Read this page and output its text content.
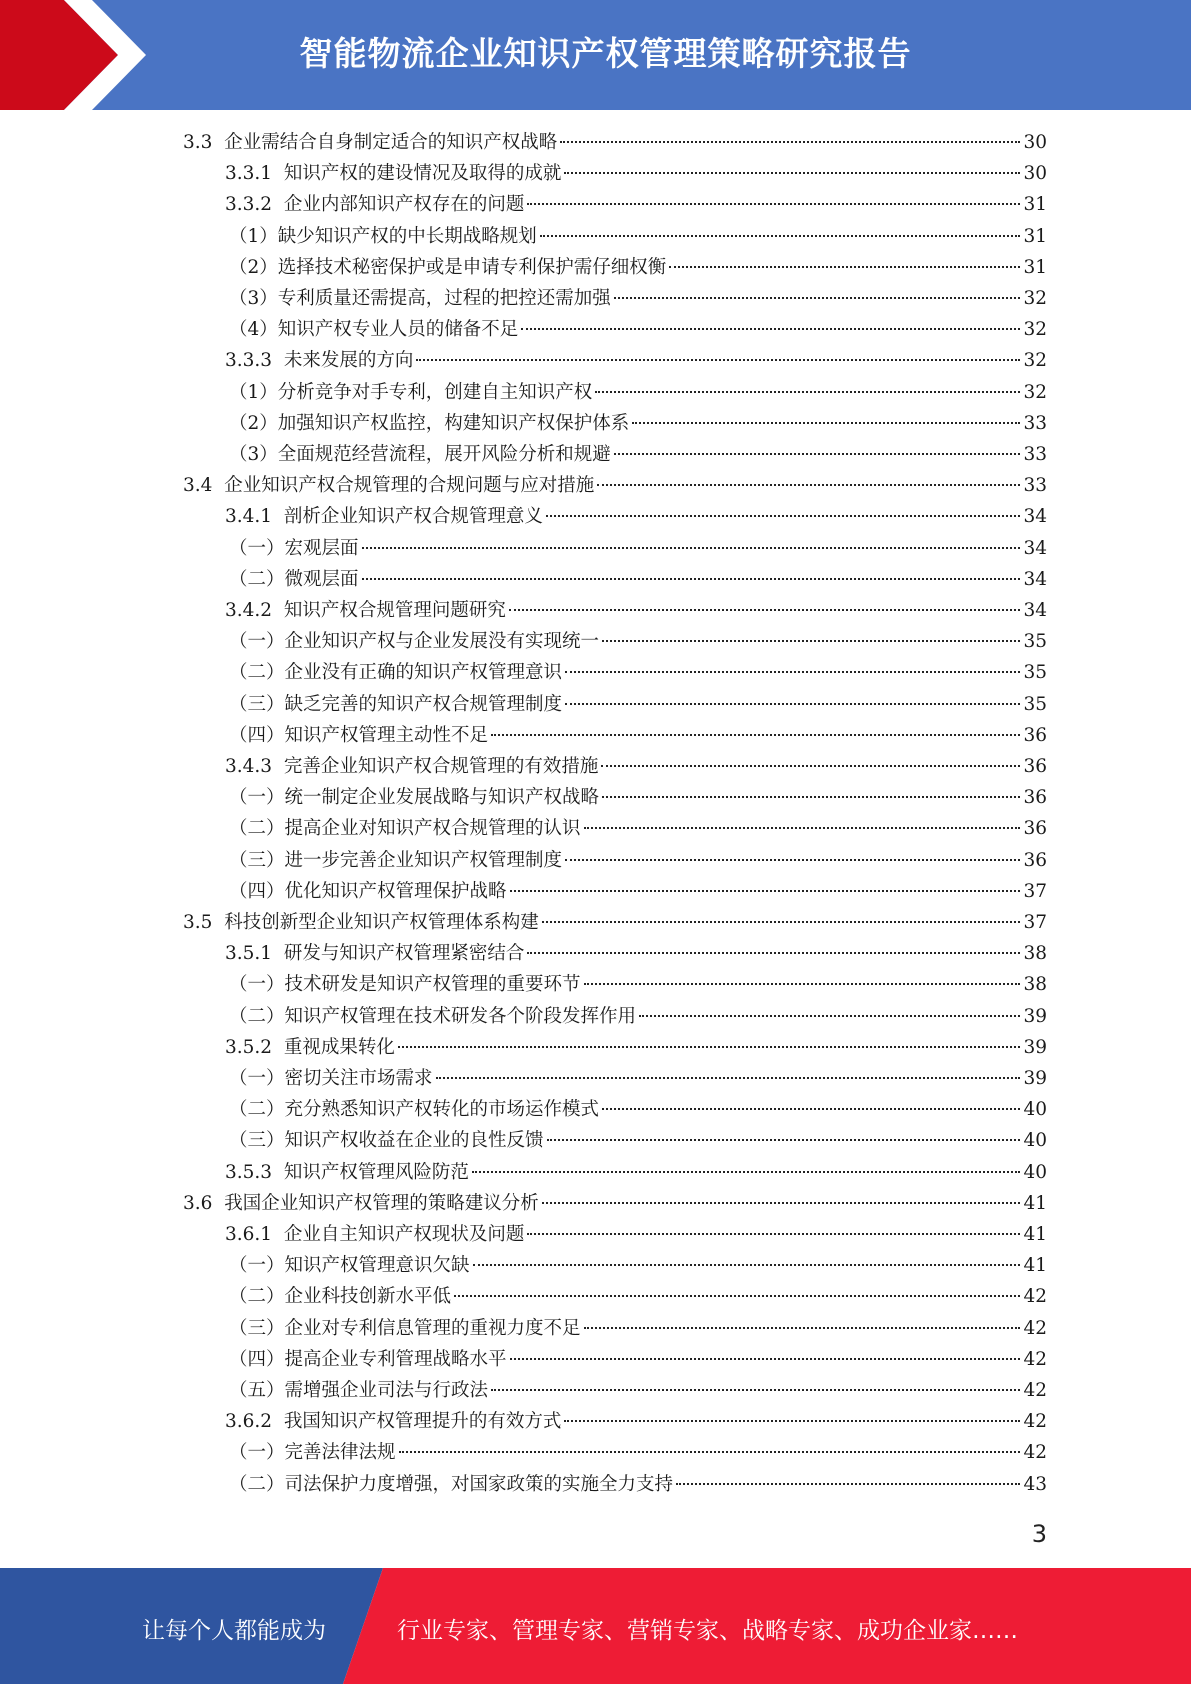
智能物流企业知识产权管理策略研究报告
3.3 企业需结合自身制定适合的知识产权战略	30
3.3.1 知识产权的建设情况及取得的成就	30
3.3.2 企业内部知识产权存在的问题	31
（1） 缺少知识产权的中长期战略规划	31
（2） 选择技术秘密保护或是申请专利保护需仔细权衡	31
（3） 专利质量还需提高，过程的把控还需加强	32
（4） 知识产权专业人员的储备不足	32
3.3.3 未来发展的方向	32
（1） 分析竞争对手专利，创建自主知识产权	32
（2） 加强知识产权监控，构建知识产权保护体系	33
（3） 全面规范经营流程，展开风险分析和规避	33
3.4 企业知识产权合规管理的合规问题与应对措施	33
3.4.1 剖析企业知识产权合规管理意义	34
（一） 宏观层面	34
（二） 微观层面	34
3.4.2 知识产权合规管理问题研究	34
（一） 企业知识产权与企业发展没有实现统一	35
（二） 企业没有正确的知识产权管理意识	35
（三） 缺乏完善的知识产权合规管理制度	35
（四） 知识产权管理主动性不足	36
3.4.3 完善企业知识产权合规管理的有效措施	36
（一） 统一制定企业发展战略与知识产权战略	36
（二） 提高企业对知识产权合规管理的认识	36
（三） 进一步完善企业知识产权管理制度	36
（四） 优化知识产权管理保护战略	37
3.5 科技创新型企业知识产权管理体系构建	37
3.5.1 研发与知识产权管理紧密结合	38
（一） 技术研发是知识产权管理的重要环节	38
（二） 知识产权管理在技术研发各个阶段发挥作用	39
3.5.2 重视成果转化	39
（一） 密切关注市场需求	39
（二） 充分熟悉知识产权转化的市场运作模式	40
（三） 知识产权收益在企业的良性反馈	40
3.5.3 知识产权管理风险防范	40
3.6 我国企业知识产权管理的策略建议分析	41
3.6.1 企业自主知识产权现状及问题	41
（一） 知识产权管理意识欠缺	41
（二） 企业科技创新水平低	42
（三） 企业对专利信息管理的重视力度不足	42
（四） 提高企业专利管理战略水平	42
（五） 需增强企业司法与行政法	42
3.6.2 我国知识产权管理提升的有效方式	42
（一） 完善法律法规	42
（二） 司法保护力度增强，对国家政策的实施全力支持	43
3
让每个人都能成为	行业专家、管理专家、营销专家、战略专家、成功企业家……
